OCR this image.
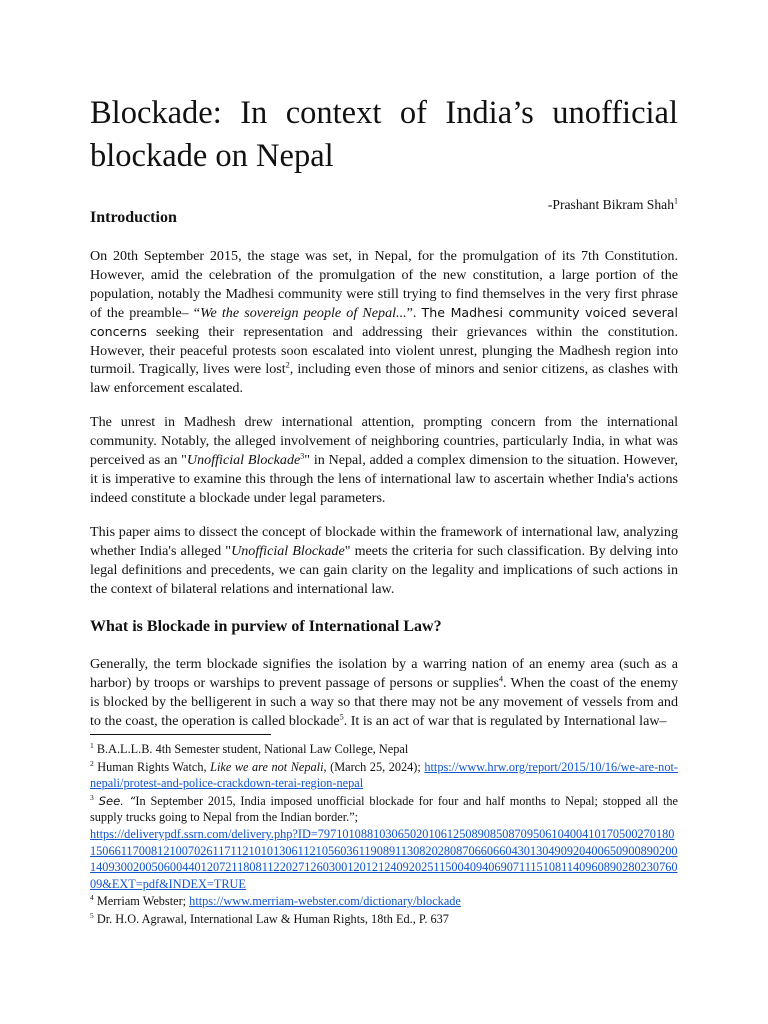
Blockade: In context of India’s unofficial blockade on Nepal
-Prashant Bikram Shah$^1$
Introduction

On 20th September 2015, the stage was set, in Nepal, for the promulgation of its 7th Constitution. However, amid the celebration of the promulgation of the new constitution, a large portion of the population, notably the Madhesi community were still trying to find themselves in the very first phrase of the preamble– “We the sovereign people of Nepal...”. The Madhesi community voiced several concerns seeking their representation and addressing their grievances within the constitution. However, their peaceful protests soon escalated into violent unrest, plunging the Madhesh region into turmoil. Tragically, lives were lost$^2$, including even those of minors and senior citizens, as clashes with law enforcement escalated.

The unrest in Madhesh drew international attention, prompting concern from the international community. Notably, the alleged involvement of neighboring countries, particularly India, in what was perceived as an "Unofficial Blockade$^3$" in Nepal, added a complex dimension to the situation. However, it is imperative to examine this through the lens of international law to ascertain whether India's actions indeed constitute a blockade under legal parameters.

This paper aims to dissect the concept of blockade within the framework of international law, analyzing whether India's alleged "Unofficial Blockade" meets the criteria for such classification. By delving into legal definitions and precedents, we can gain clarity on the legality and implications of such actions in the context of bilateral relations and international law.

What is Blockade in purview of International Law?

Generally, the term blockade signifies the isolation by a warring nation of an enemy area (such as a harbor) by troops or warships to prevent passage of persons or supplies$^4$. When the coast of the enemy is blocked by the belligerent in such a way so that there may not be any movement of vessels from and to the coast, the operation is called blockade$^5$. It is an act of war that is regulated by International law–

$^1$ B.A.L.L.B. 4th Semester student, National Law College, Nepal

$^2$ Human Rights Watch, Like we are not Nepali, (March 25, 2024); https://www.hrw.org/report/2015/10/16/we-are-not-nepali/protest-and-police-crackdown-terai-region-nepal

$^3$ See. “In September 2015, India imposed unofficial blockade for four and half months to Nepal; stopped all the supply trucks going to Nepal from the Indian border.”;
https://deliverypdf.ssrn.com/delivery.php?ID=797101088103065020106125089085087095061040041017050027018015066117008121007026117112101013061121056036119089113082028087066066043013049092040065090089020014093002005060044012072118081122027126030012012124092025115004094069071115108114096089028023076009&EXT=pdf&INDEX=TRUE

$^4$ Merriam Webster; https://www.merriam-webster.com/dictionary/blockade

$^5$ Dr. H.O. Agrawal, International Law & Human Rights, 18th Ed., P. 637
